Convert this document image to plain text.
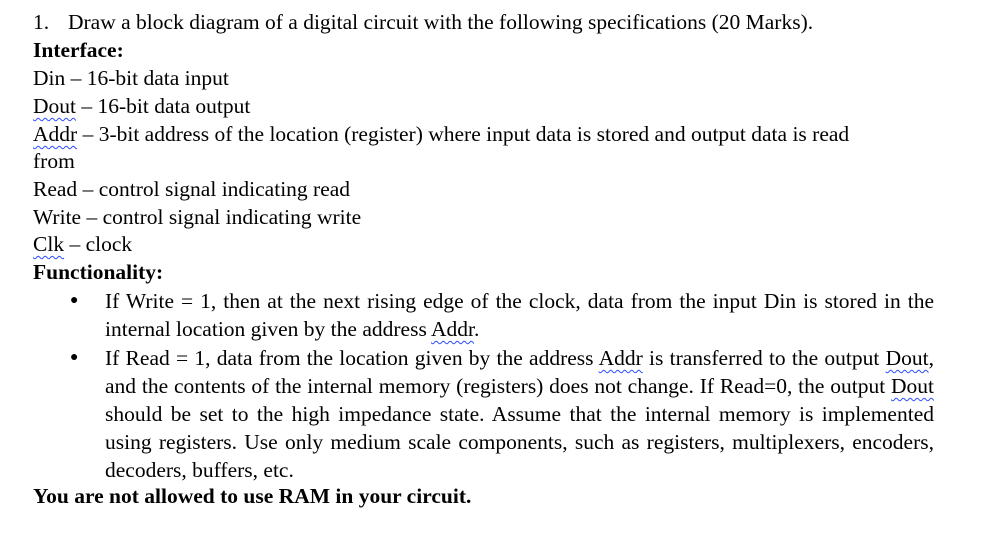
1. Draw a block diagram of a digital circuit with the following specifications (20 Marks).
Interface:
Din – 16-bit data input
Dout – 16-bit data output
Addr – 3-bit address of the location (register) where input data is stored and output data is read
from
Read – control signal indicating read
Write – control signal indicating write
Clk – clock
Functionality:
● If Write = 1, then at the next rising edge of the clock, data from the input Din is stored in the internal location given by the address Addr.
● If Read = 1, data from the location given by the address Addr is transferred to the output Dout, and the contents of the internal memory (registers) does not change. If Read=0, the output Dout should be set to the high impedance state. Assume that the internal memory is implemented using registers. Use only medium scale components, such as registers, multiplexers, encoders, decoders, buffers, etc.
You are not allowed to use RAM in your circuit.
